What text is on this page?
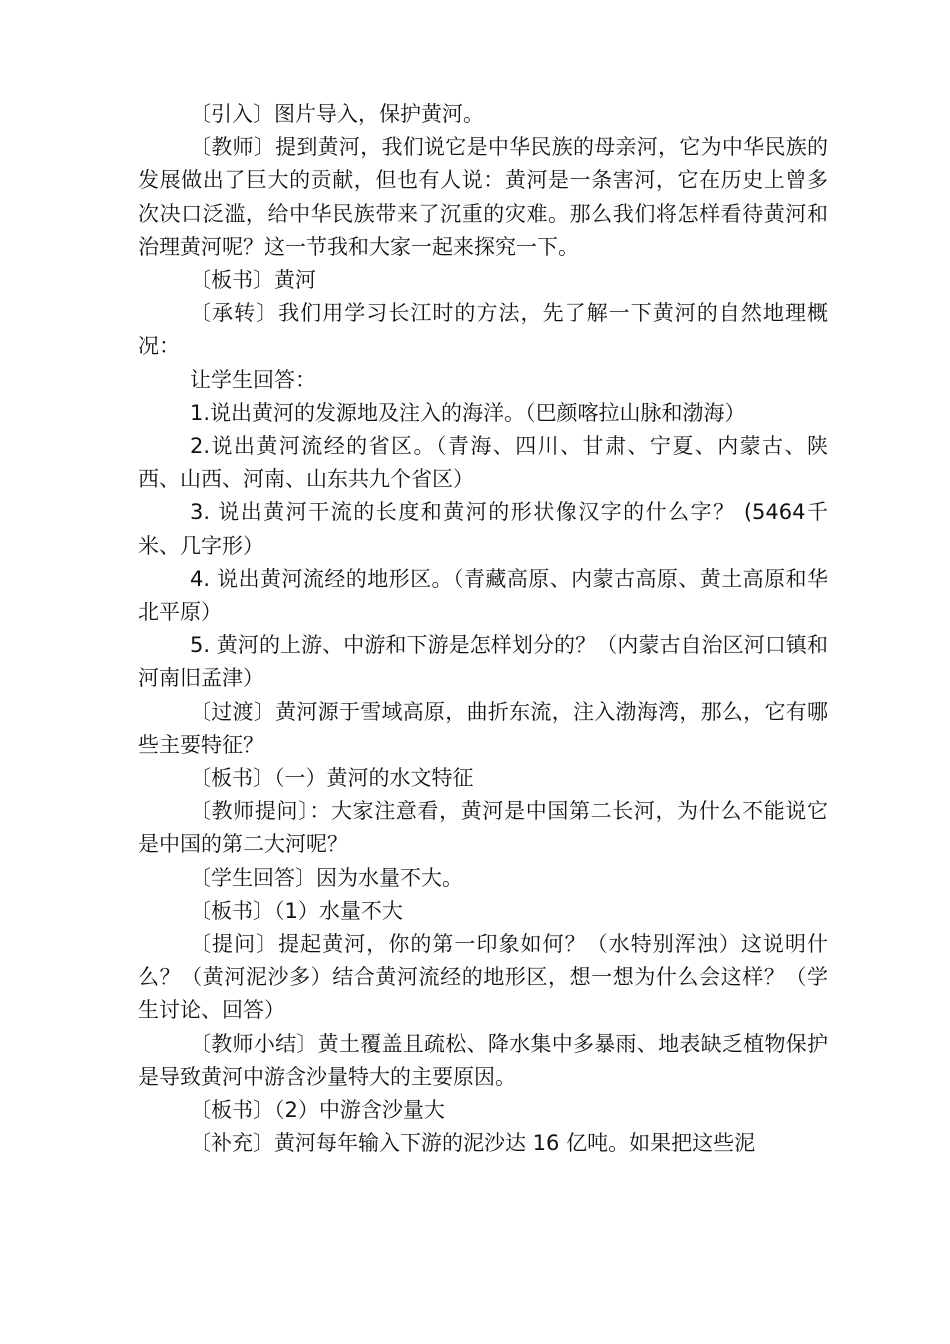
〔引入〕图片导入，保护黄河。

〔教师〕提到黄河，我们说它是中华民族的母亲河，它为中华民族的发展做出了巨大的贡献，但也有人说：黄河是一条害河，它在历史上曾多次决口泛滥，给中华民族带来了沉重的灾难。那么我们将怎样看待黄河和治理黄河呢？这一节我和大家一起来探究一下。

〔板书〕黄河

〔承转〕我们用学习长江时的方法，先了解一下黄河的自然地理概况：

让学生回答：

1.说出黄河的发源地及注入的海洋。（巴颜喀拉山脉和渤海）

2.说出黄河流经的省区。（青海、四川、甘肃、宁夏、内蒙古、陕西、山西、河南、山东共九个省区）

3. 说出黄河干流的长度和黄河的形状像汉字的什么字？ (5464千米、几字形）

4. 说出黄河流经的地形区。（青藏高原、内蒙古高原、黄土高原和华北平原）

5. 黄河的上游、中游和下游是怎样划分的？（内蒙古自治区河口镇和河南旧孟津）

〔过渡〕黄河源于雪域高原，曲折东流，注入渤海湾，那么，它有哪些主要特征？

〔板书〕（一）黄河的水文特征

〔教师提问〕：大家注意看，黄河是中国第二长河，为什么不能说它是中国的第二大河呢？

〔学生回答〕因为水量不大。

〔板书〕（1）水量不大

〔提问〕提起黄河，你的第一印象如何？（水特别浑浊）这说明什么？（黄河泥沙多）结合黄河流经的地形区，想一想为什么会这样？（学生讨论、回答）

〔教师小结〕黄土覆盖且疏松、降水集中多暴雨、地表缺乏植物保护是导致黄河中游含沙量特大的主要原因。

〔板书〕（2）中游含沙量大

〔补充〕黄河每年输入下游的泥沙达 16 亿吨。如果把这些泥
